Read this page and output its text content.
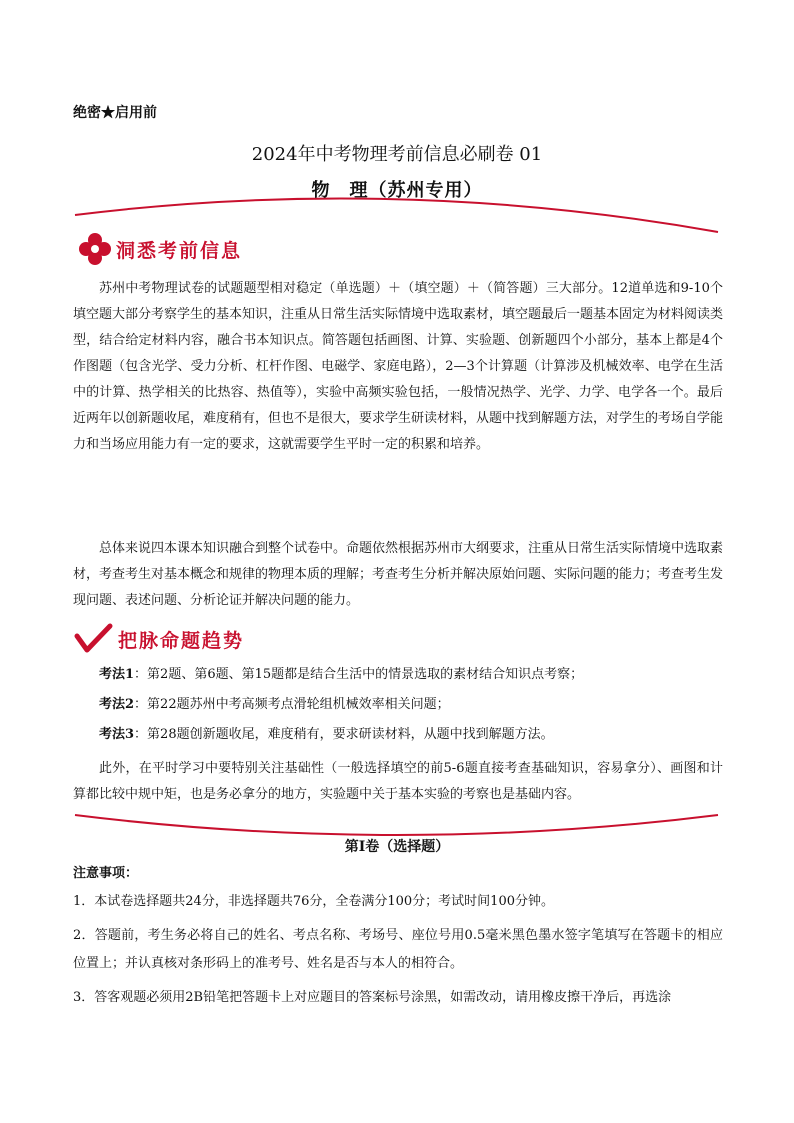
绝密★启用前
2024年中考物理考前信息必刷卷 01
物　理（苏州专用）
洞悉考前信息

苏州中考物理试卷的试题题型相对稳定（单选题）＋（填空题）＋（简答题）三大部分。12道单选和9-10个填空题大部分考察学生的基本知识，注重从日常生活实际情境中选取素材，填空题最后一题基本固定为材料阅读类型，结合给定材料内容，融合书本知识点。简答题包括画图、计算、实验题、创新题四个小部分，基本上都是4个作图题（包含光学、受力分析、杠杆作图、电磁学、家庭电路），2—3个计算题（计算涉及机械效率、电学在生活中的计算、热学相关的比热容、热值等），实验中高频实验包括，一般情况热学、光学、力学、电学各一个。最后近两年以创新题收尾，难度稍有，但也不是很大，要求学生研读材料，从题中找到解题方法，对学生的考场自学能力和当场应用能力有一定的要求，这就需要学生平时一定的积累和培养。

总体来说四本课本知识融合到整个试卷中。命题依然根据苏州市大纲要求，注重从日常生活实际情境中选取素材，考查考生对基本概念和规律的物理本质的理解；考查考生分析并解决原始问题、实际问题的能力；考查考生发现问题、表述问题、分析论证并解决问题的能力。

把脉命题趋势
考法1：第2题、第6题、第15题都是结合生活中的情景选取的素材结合知识点考察；
考法2：第22题苏州中考高频考点滑轮组机械效率相关问题；
考法3：第28题创新题收尾，难度稍有，要求研读材料，从题中找到解题方法。

此外，在平时学习中要特别关注基础性（一般选择填空的前5-6题直接考查基础知识，容易拿分）、画图和计算都比较中规中矩，也是务必拿分的地方，实验题中关于基本实验的考察也是基础内容。

第Ⅰ卷（选择题）
注意事项：

1．本试卷选择题共24分，非选择题共76分，全卷满分100分；考试时间100分钟。

2．答题前，考生务必将自己的姓名、考点名称、考场号、座位号用0.5毫米黑色墨水签字笔填写在答题卡的相应位置上；并认真核对条形码上的准考号、姓名是否与本人的相符合。

3．答客观题必须用2B铅笔把答题卡上对应题目的答案标号涂黑，如需改动，请用橡皮擦干净后，再选涂
